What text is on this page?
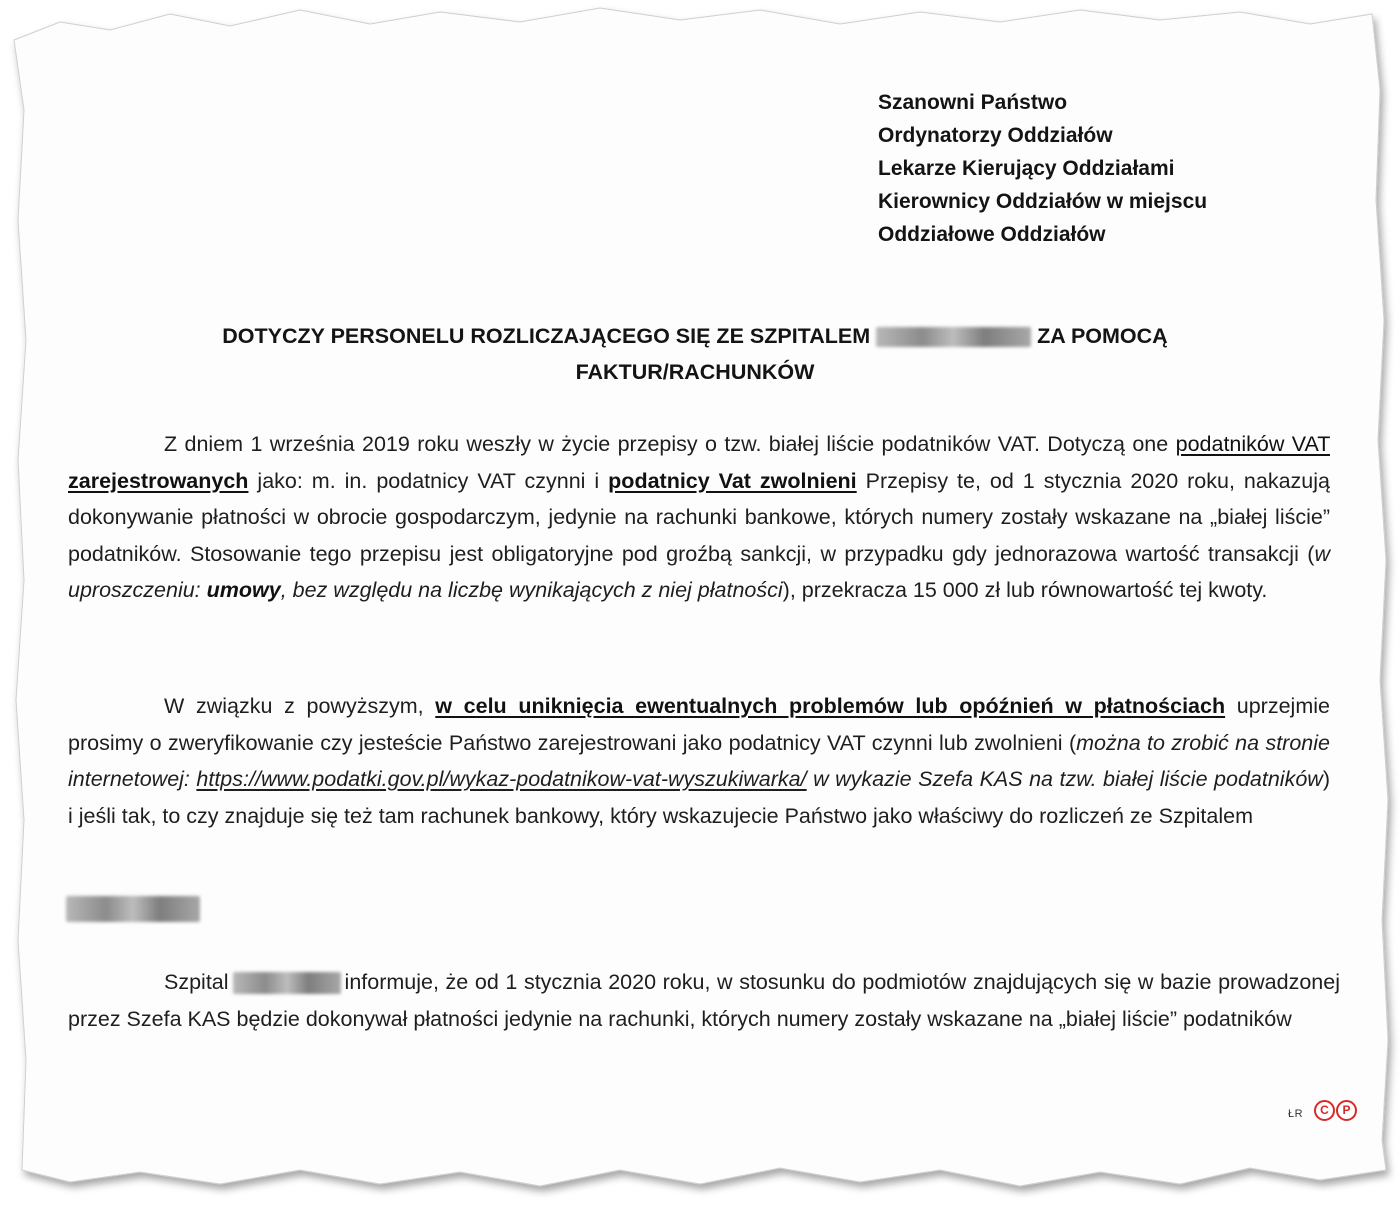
Szanowni Państwo
Ordynatorzy Oddziałów
Lekarze Kierujący Oddziałami
Kierownicy Oddziałów w miejscu
Oddziałowe Oddziałów
DOTYCZY PERSONELU ROZLICZAJĄCEGO SIĘ ZE SZPITALEM	ZA POMOCĄ
FAKTUR/RACHUNKÓW
Z dniem 1 września 2019 roku weszły w życie przepisy o tzw. białej liście podatników VAT. Dotyczą one podatników VAT zarejestrowanych jako: m. in. podatnicy VAT czynni i podatnicy Vat zwolnieni Przepisy te, od 1 stycznia 2020 roku, nakazują dokonywanie płatności w obrocie gospodarczym, jedynie na rachunki bankowe, których numery zostały wskazane na „białej liście” podatników. Stosowanie tego przepisu jest obligatoryjne pod groźbą sankcji, w przypadku gdy jednorazowa wartość transakcji (w uproszczeniu: umowy, bez względu na liczbę wynikających z niej płatności), przekracza 15 000 zł lub równowartość tej kwoty.
W związku z powyższym, w celu uniknięcia ewentualnych problemów lub opóźnień w płatnościach uprzejmie prosimy o zweryfikowanie czy jesteście Państwo zarejestrowani jako podatnicy VAT czynni lub zwolnieni (można to zrobić na stronie internetowej: https://www.podatki.gov.pl/wykaz-podatnikow-vat-wyszukiwarka/ w wykazie Szefa KAS na tzw. białej liście podatników) i jeśli tak, to czy znajduje się też tam rachunek bankowy, który wskazujecie Państwo jako właściwy do rozliczeń ze Szpitalem
Szpital	informuje, że od 1 stycznia 2020 roku, w stosunku do podmiotów znajdujących się w bazie prowadzonej przez Szefa KAS będzie dokonywał płatności jedynie na rachunki, których numery zostały wskazane na „białej liście” podatników
ŁR	C	P
